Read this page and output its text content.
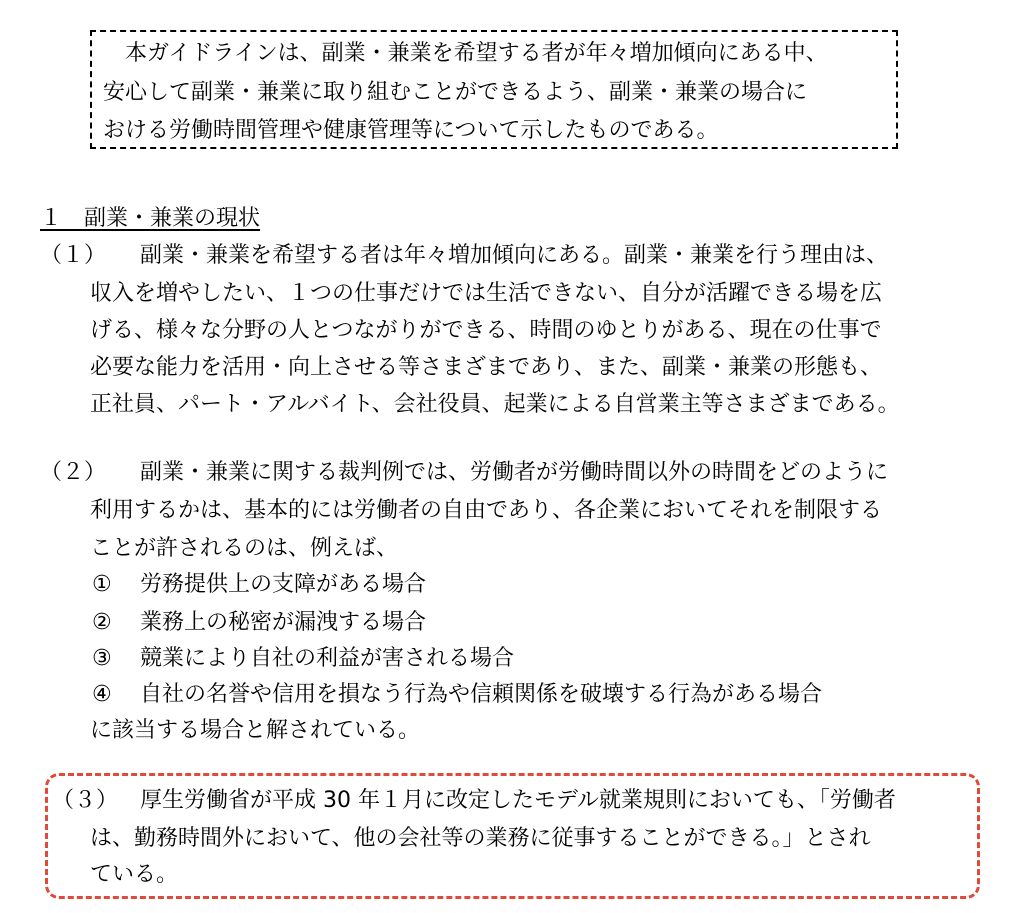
本ガイドラインは、副業・兼業を希望する者が年々増加傾向にある中、
安心して副業・兼業に取り組むことができるよう、副業・兼業の場合に
おける労働時間管理や健康管理等について示したものである。
１　副業・兼業の現状
（１） 副業・兼業を希望する者は年々増加傾向にある。副業・兼業を行う理由は、
収入を増やしたい、１つの仕事だけでは生活できない、自分が活躍できる場を広
げる、様々な分野の人とつながりができる、時間のゆとりがある、現在の仕事で
必要な能力を活用・向上させる等さまざまであり、また、副業・兼業の形態も、
正社員、パート・アルバイト、会社役員、起業による自営業主等さまざまである。
（２） 副業・兼業に関する裁判例では、労働者が労働時間以外の時間をどのように
利用するかは、基本的には労働者の自由であり、各企業においてそれを制限する
ことが許されるのは、例えば、
① 労務提供上の支障がある場合
② 業務上の秘密が漏洩する場合
③ 競業により自社の利益が害される場合
④ 自社の名誉や信用を損なう行為や信頼関係を破壊する行為がある場合
に該当する場合と解されている。
（３） 厚生労働省が平成 30 年１月に改定したモデル就業規則においても、「労働者
は、勤務時間外において、他の会社等の業務に従事することができる。」とされ
ている。
